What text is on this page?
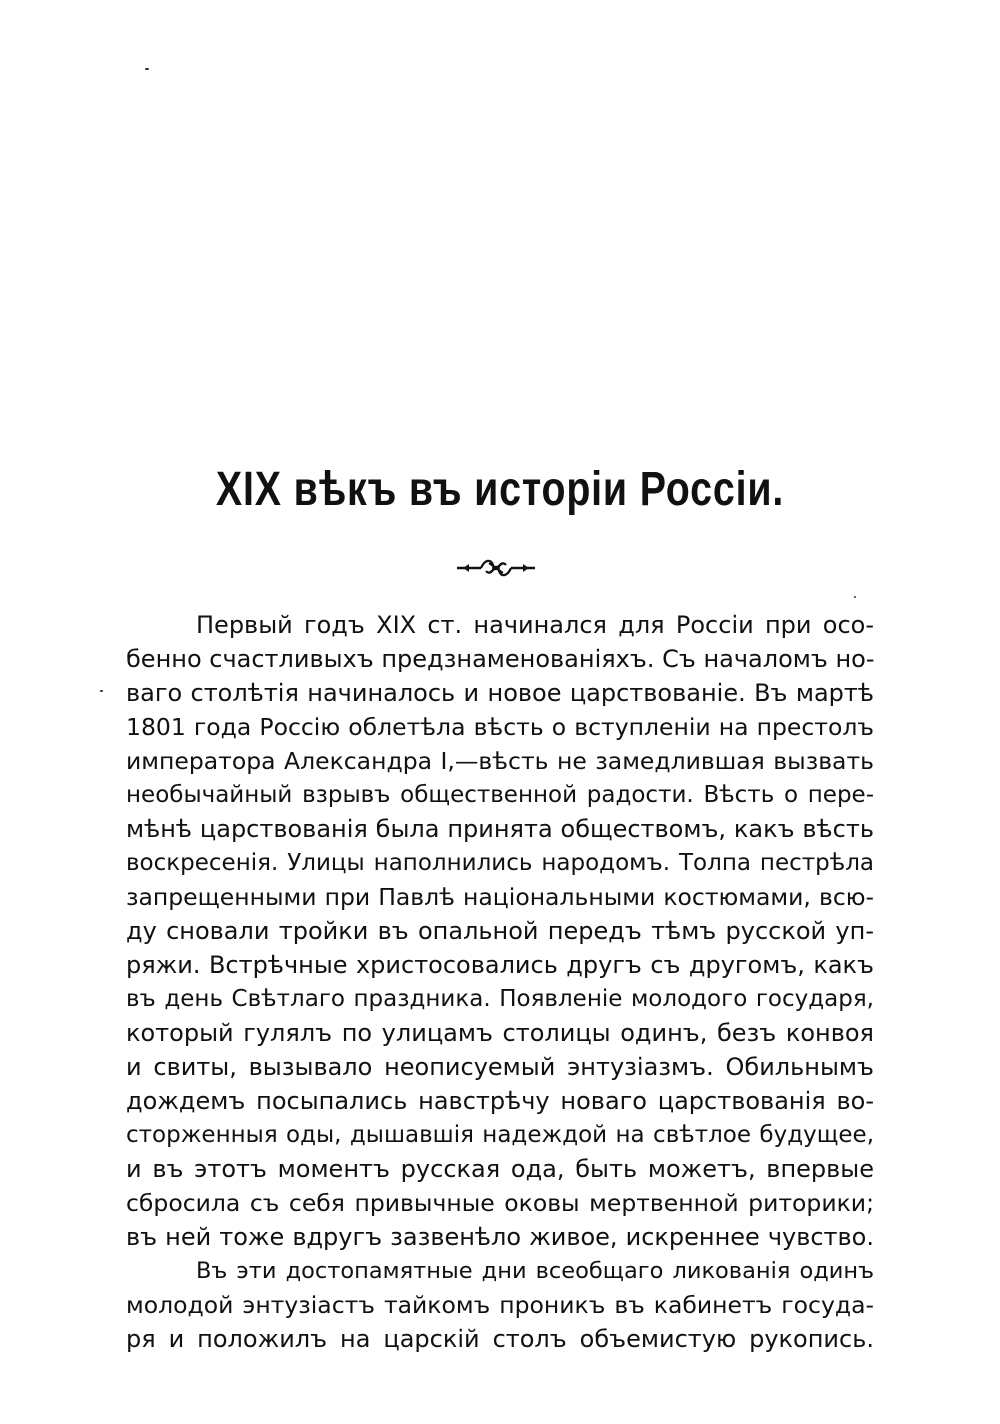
XIX вѣкъ въ исторіи Россіи.
Первый годъ XIX ст. начинался для Россіи при осо-
бенно счастливыхъ предзнаменованіяхъ. Съ началомъ но-
ваго столѣтія начиналось и новое царствованіе. Въ мартѣ
1801 года Россію облетѣла вѣсть о вступленіи на престолъ
императора Александра I,—вѣсть не замедлившая вызвать
необычайный взрывъ общественной радости. Вѣсть о пере-
мѣнѣ царствованія была принята обществомъ, какъ вѣсть
воскресенія. Улицы наполнились народомъ. Толпа пестрѣла
запрещенными при Павлѣ національными костюмами, всю-
ду сновали тройки въ опальной передъ тѣмъ русской уп-
ряжи. Встрѣчные христосовались другъ съ другомъ, какъ
въ день Свѣтлаго праздника. Появленіе молодого государя,
который гулялъ по улицамъ столицы одинъ, безъ конвоя
и свиты, вызывало неописуемый энтузіазмъ. Обильнымъ
дождемъ посыпались навстрѣчу новаго царствованія во-
сторженныя оды, дышавшія надеждой на свѣтлое будущее,
и въ этотъ моментъ русская ода, быть можетъ, впервые
сбросила съ себя привычные оковы мертвенной риторики;
въ ней тоже вдругъ зазвенѣло живое, искреннее чувство.
Въ эти достопамятные дни всеобщаго ликованія одинъ
молодой энтузіастъ тайкомъ проникъ въ кабинетъ госуда-
ря и положилъ на царскій столъ объемистую рукопись.
